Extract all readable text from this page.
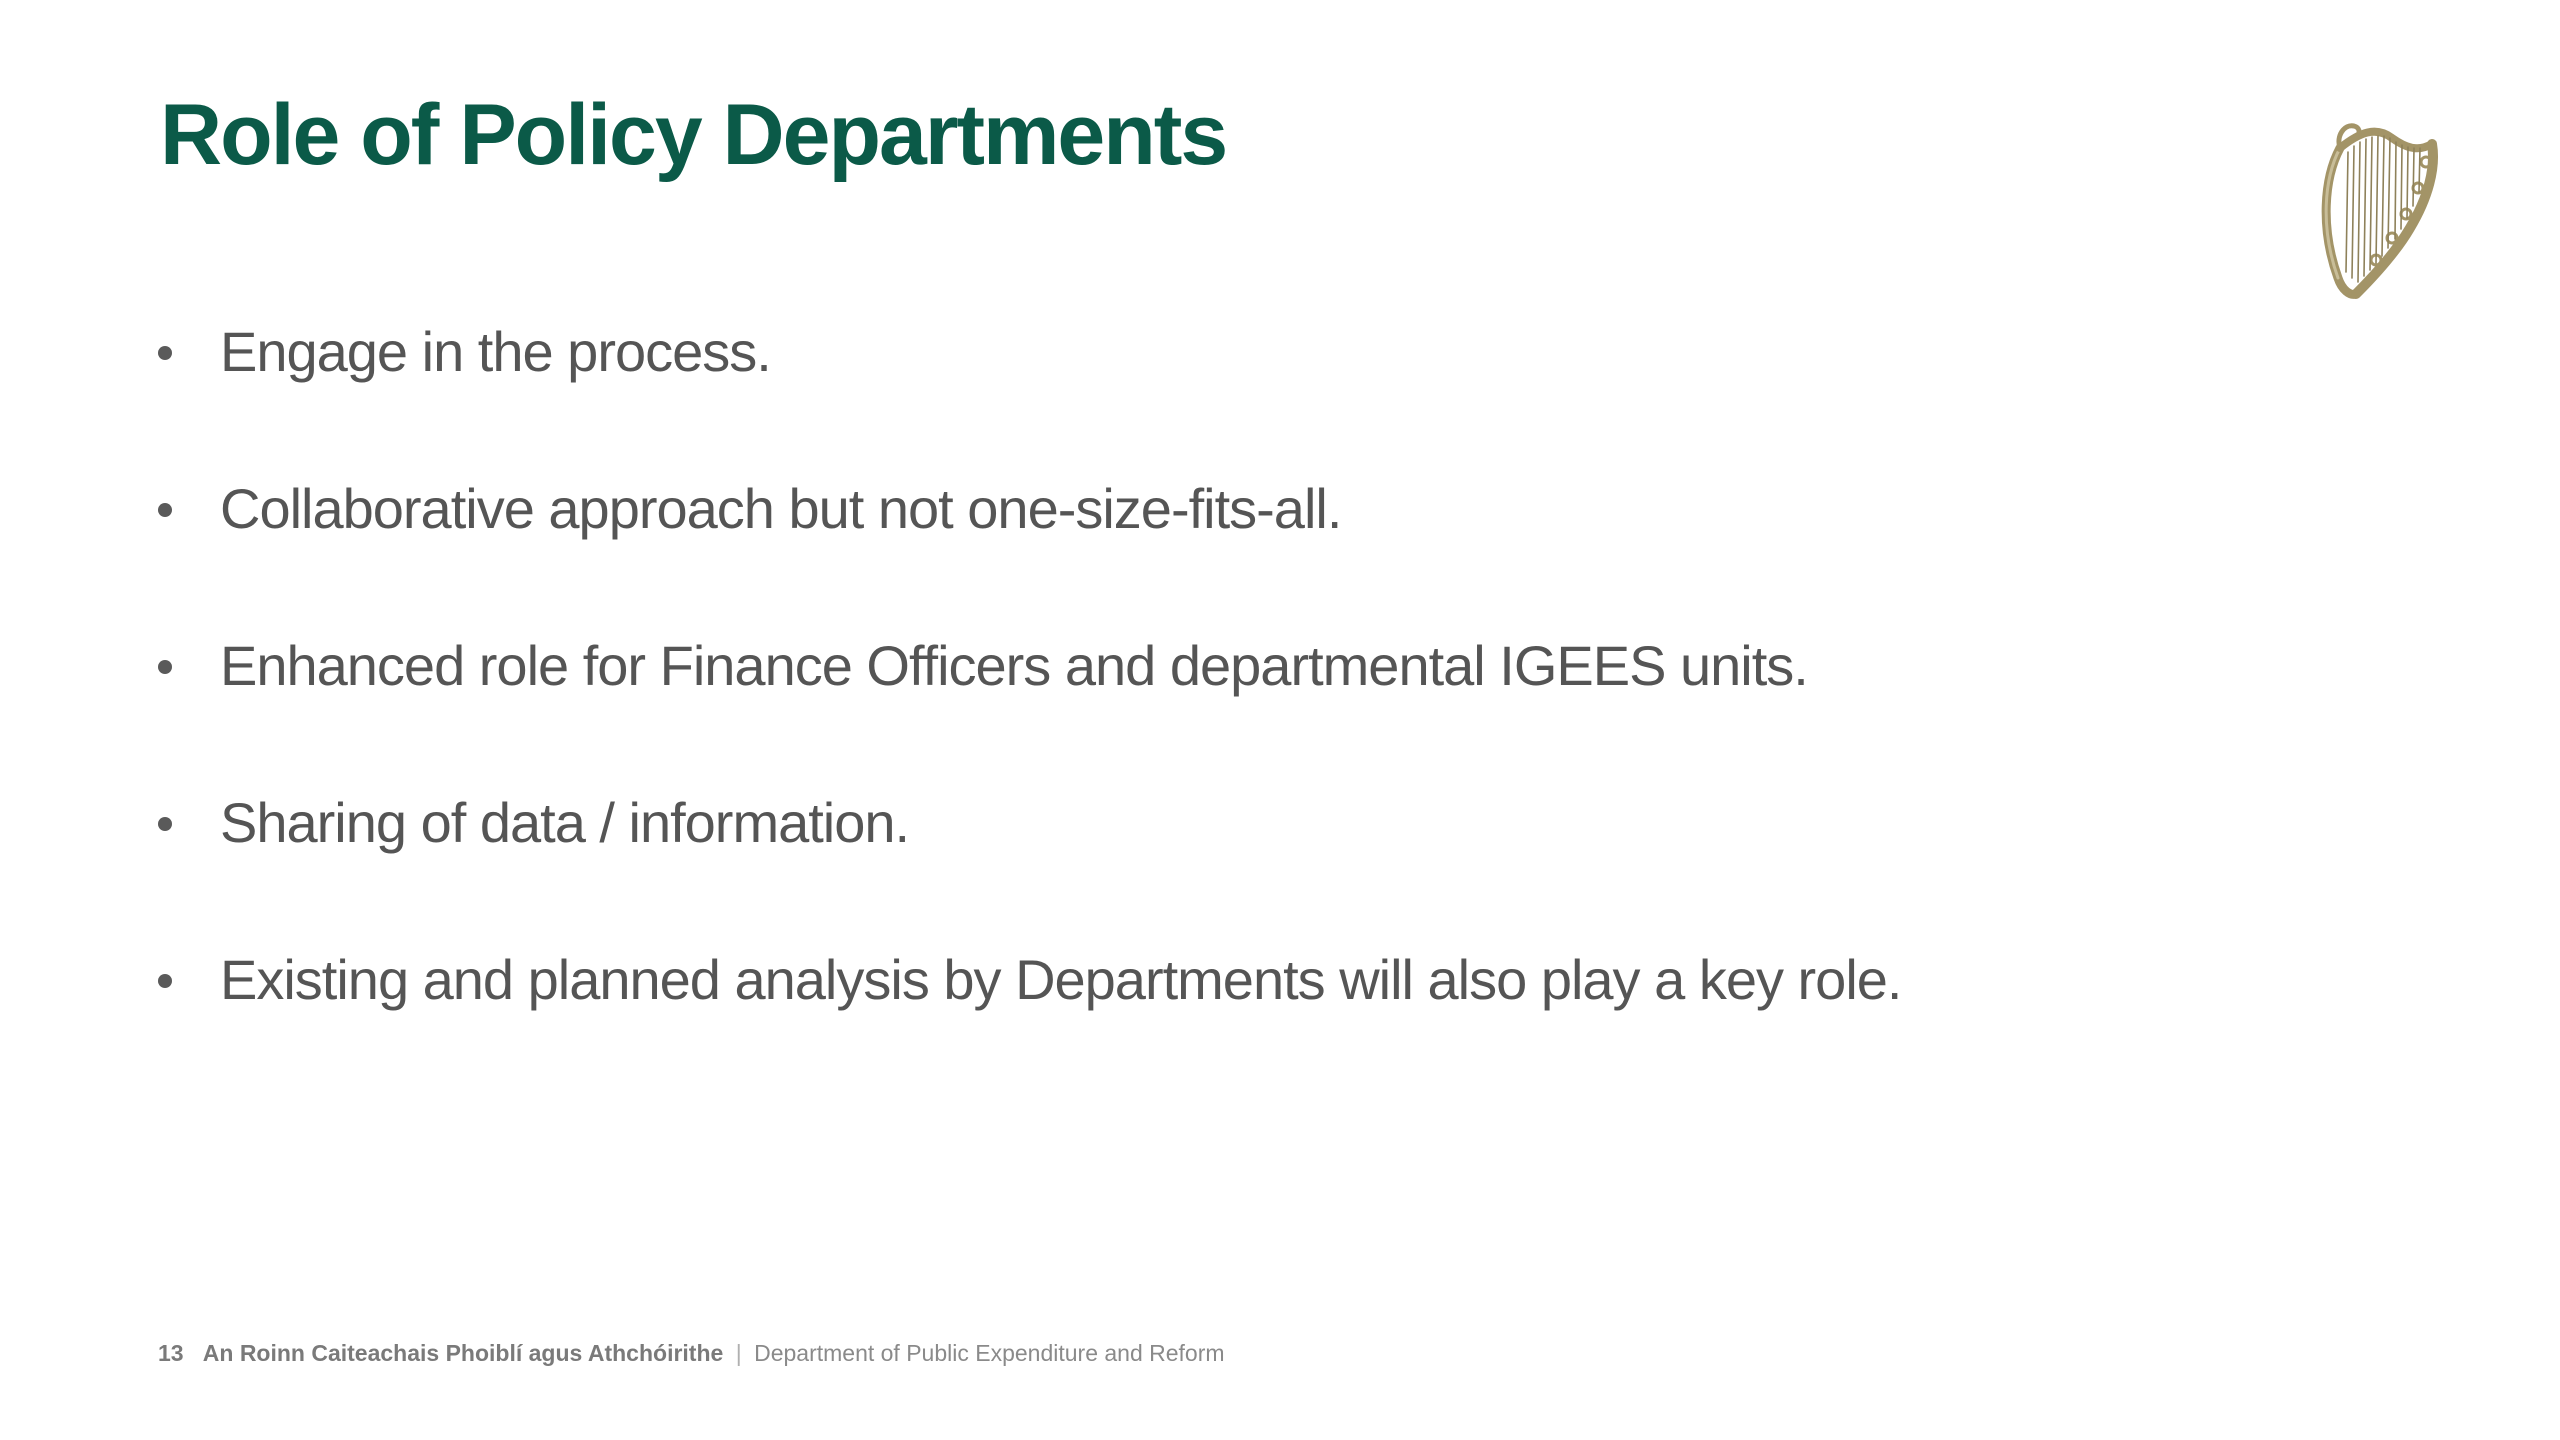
Role of Policy Departments
Engage in the process.
Collaborative approach but not one-size-fits-all.
Enhanced role for Finance Officers and departmental IGEES units.
Sharing of data / information.
Existing and planned analysis by Departments will also play a key role.
13 An Roinn Caiteachais Phoiblí agus Athchóirithe | Department of Public Expenditure and Reform
